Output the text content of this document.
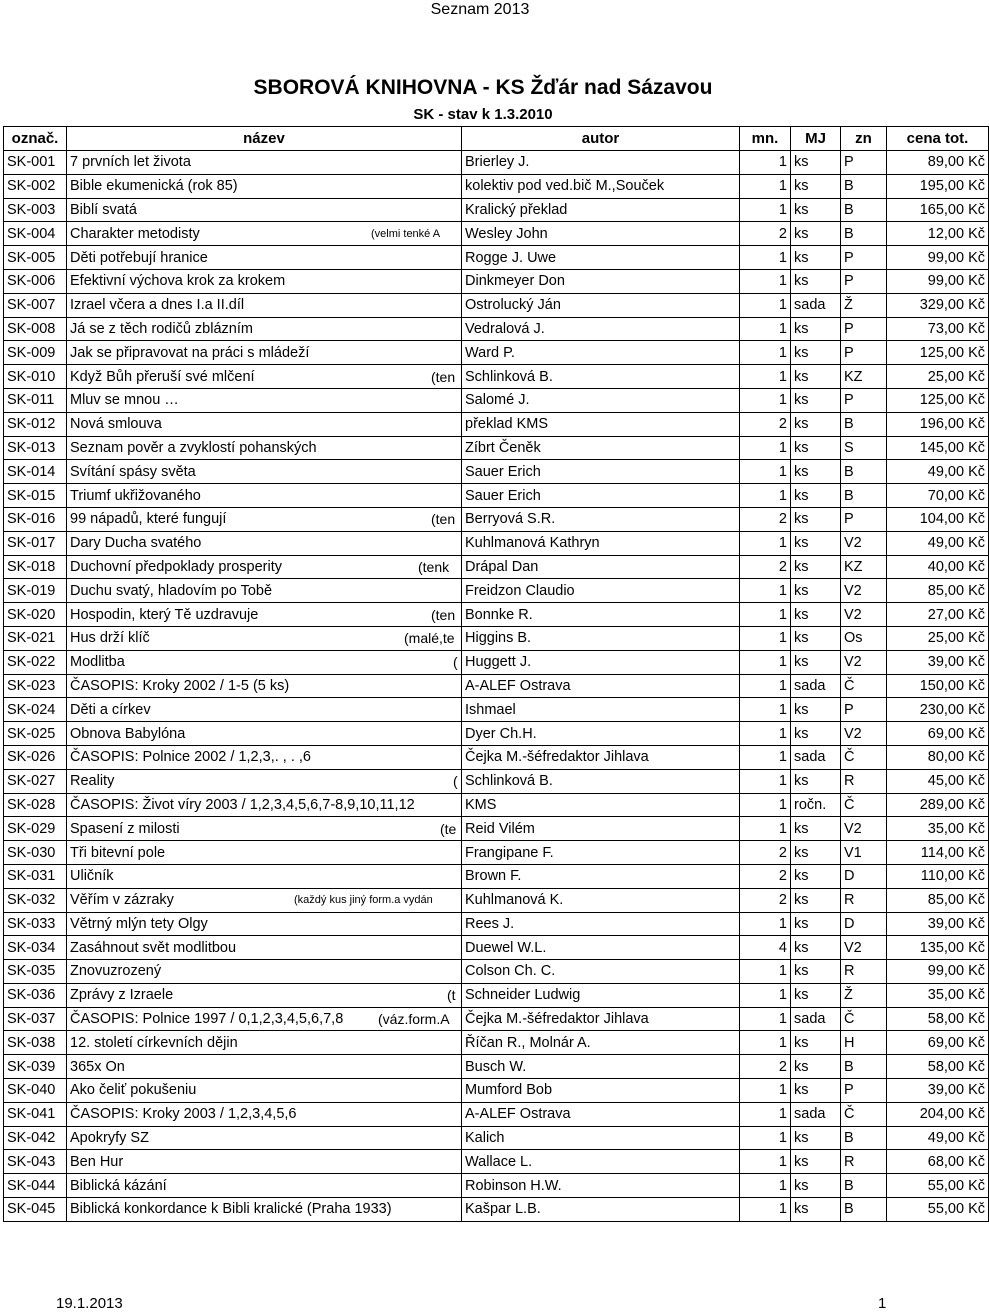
Seznam 2013
SBOROVÁ KNIHOVNA - KS Žďár nad Sázavou
SK - stav k 1.3.2010
označ.	název	autor	mn.	MJ	zn	cena tot.
SK-001	7 prvních let života	Brierley J.	1	ks	P	89,00 Kč
SK-002	Bible ekumenická (rok 85)	kolektiv pod ved.bič M.,Souček	1	ks	B	195,00 Kč
SK-003	Biblí svatá	Kralický překlad	1	ks	B	165,00 Kč
SK-004	Charakter metodisty (velmi tenké A	Wesley John	2	ks	B	12,00 Kč
SK-005	Děti potřebují hranice	Rogge J. Uwe	1	ks	P	99,00 Kč
SK-006	Efektivní výchova krok za krokem	Dinkmeyer Don	1	ks	P	99,00 Kč
SK-007	Izrael včera a dnes I.a II.díl	Ostrolucký Ján	1	sada	Ž	329,00 Kč
SK-008	Já se z těch rodičů zblázním	Vedralová J.	1	ks	P	73,00 Kč
SK-009	Jak se připravovat na práci s mládeží	Ward P.	1	ks	P	125,00 Kč
SK-010	Když Bůh přeruší své mlčení (ten	Schlinková B.	1	ks	KZ	25,00 Kč
SK-011	Mluv se mnou …	Salomé J.	1	ks	P	125,00 Kč
SK-012	Nová smlouva	překlad KMS	2	ks	B	196,00 Kč
SK-013	Seznam pověr a zvyklostí pohanských	Zíbrt Čeněk	1	ks	S	145,00 Kč
SK-014	Svítání spásy světa	Sauer Erich	1	ks	B	49,00 Kč
SK-015	Triumf ukřižovaného	Sauer Erich	1	ks	B	70,00 Kč
SK-016	99 nápadů, které fungují (ten	Berryová S.R.	2	ks	P	104,00 Kč
SK-017	Dary Ducha svatého	Kuhlmanová Kathryn	1	ks	V2	49,00 Kč
SK-018	Duchovní předpoklady prosperity (tenk	Drápal Dan	2	ks	KZ	40,00 Kč
SK-019	Duchu svatý, hladovím po Tobě	Freidzon Claudio	1	ks	V2	85,00 Kč
SK-020	Hospodin, který Tě uzdravuje (ten	Bonnke R.	1	ks	V2	27,00 Kč
SK-021	Hus drží klíč (malé,te	Higgins B.	1	ks	Os	25,00 Kč
SK-022	Modlitba (	Huggett J.	1	ks	V2	39,00 Kč
SK-023	ČASOPIS: Kroky 2002 / 1-5 (5 ks)	A-ALEF Ostrava	1	sada	Č	150,00 Kč
SK-024	Děti a církev	Ishmael	1	ks	P	230,00 Kč
SK-025	Obnova Babylóna	Dyer Ch.H.	1	ks	V2	69,00 Kč
SK-026	ČASOPIS: Polnice 2002 / 1,2,3,. , . ,6	Čejka M.-šéfredaktor Jihlava	1	sada	Č	80,00 Kč
SK-027	Reality (	Schlinková B.	1	ks	R	45,00 Kč
SK-028	ČASOPIS: Život víry 2003 / 1,2,3,4,5,6,7-8,9,10,11,12	KMS	1	ročn.	Č	289,00 Kč
SK-029	Spasení z milosti (te	Reid Vilém	1	ks	V2	35,00 Kč
SK-030	Tři bitevní pole	Frangipane F.	2	ks	V1	114,00 Kč
SK-031	Uličník	Brown F.	2	ks	D	110,00 Kč
SK-032	Věřím v zázraky (každý kus jiný form.a vydán	Kuhlmanová K.	2	ks	R	85,00 Kč
SK-033	Větrný mlýn tety Olgy	Rees J.	1	ks	D	39,00 Kč
SK-034	Zasáhnout svět modlitbou	Duewel W.L.	4	ks	V2	135,00 Kč
SK-035	Znovuzrozený	Colson Ch. C.	1	ks	R	99,00 Kč
SK-036	Zprávy z Izraele (t	Schneider Ludwig	1	ks	Ž	35,00 Kč
SK-037	ČASOPIS: Polnice 1997 / 0,1,2,3,4,5,6,7,8 (váz.form.A	Čejka M.-šéfredaktor Jihlava	1	sada	Č	58,00 Kč
SK-038	12. století církevních dějin	Říčan R., Molnár A.	1	ks	H	69,00 Kč
SK-039	365x On	Busch W.	2	ks	B	58,00 Kč
SK-040	Ako čeliť pokušeniu	Mumford Bob	1	ks	P	39,00 Kč
SK-041	ČASOPIS: Kroky 2003 / 1,2,3,4,5,6	A-ALEF Ostrava	1	sada	Č	204,00 Kč
SK-042	Apokryfy SZ	Kalich	1	ks	B	49,00 Kč
SK-043	Ben Hur	Wallace L.	1	ks	R	68,00 Kč
SK-044	Biblická kázání	Robinson H.W.	1	ks	B	55,00 Kč
SK-045	Biblická konkordance k Bibli kralické (Praha 1933)	Kašpar L.B.	1	ks	B	55,00 Kč
19.1.2013	1
